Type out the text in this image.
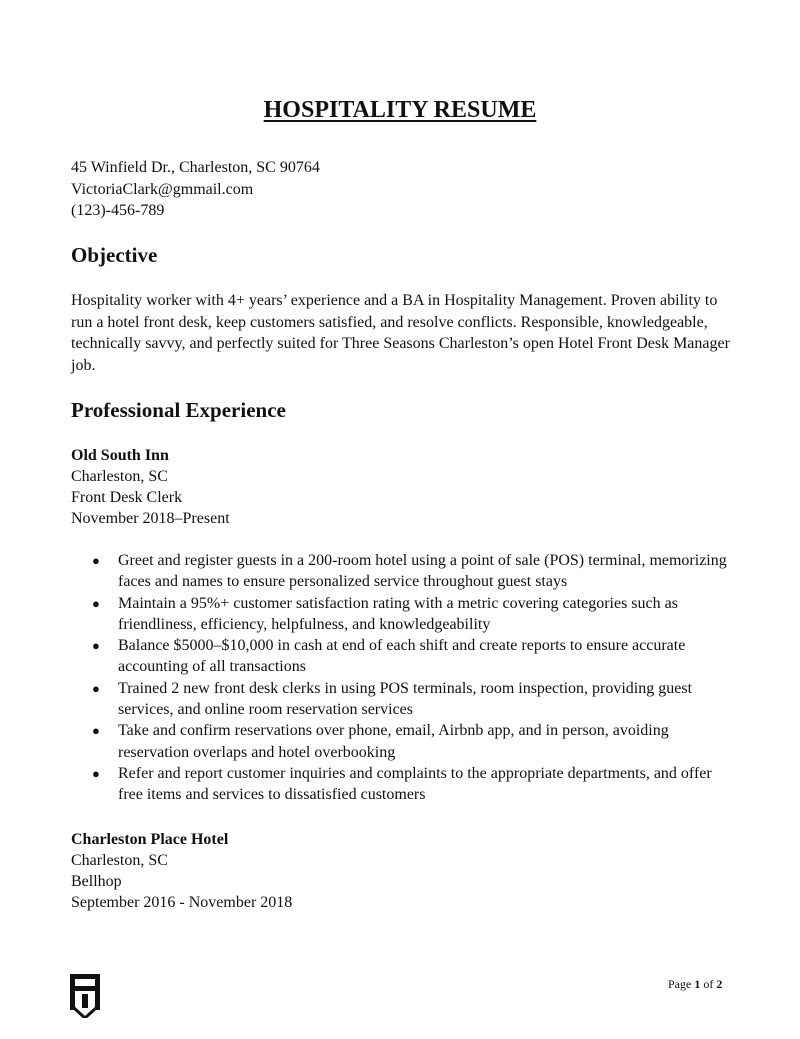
HOSPITALITY RESUME
45 Winfield Dr., Charleston, SC 90764
VictoriaClark@gmmail.com
(123)-456-789
Objective

Hospitality worker with 4+ years’ experience and a BA in Hospitality Management. Proven ability to run a hotel front desk, keep customers satisfied, and resolve conflicts. Responsible, knowledgeable, technically savvy, and perfectly suited for Three Seasons Charleston’s open Hotel Front Desk Manager job.

Professional Experience
Old South Inn
Charleston, SC
Front Desk Clerk
November 2018–Present
● Greet and register guests in a 200-room hotel using a point of sale (POS) terminal, memorizing faces and names to ensure personalized service throughout guest stays
● Maintain a 95%+ customer satisfaction rating with a metric covering categories such as friendliness, efficiency, helpfulness, and knowledgeability
● Balance $5000–$10,000 in cash at end of each shift and create reports to ensure accurate accounting of all transactions
● Trained 2 new front desk clerks in using POS terminals, room inspection, providing guest services, and online room reservation services
● Take and confirm reservations over phone, email, Airbnb app, and in person, avoiding reservation overlaps and hotel overbooking
● Refer and report customer inquiries and complaints to the appropriate departments, and offer free items and services to dissatisfied customers
Charleston Place Hotel
Charleston, SC
Bellhop
September 2016 - November 2018
Page 1 of 2
